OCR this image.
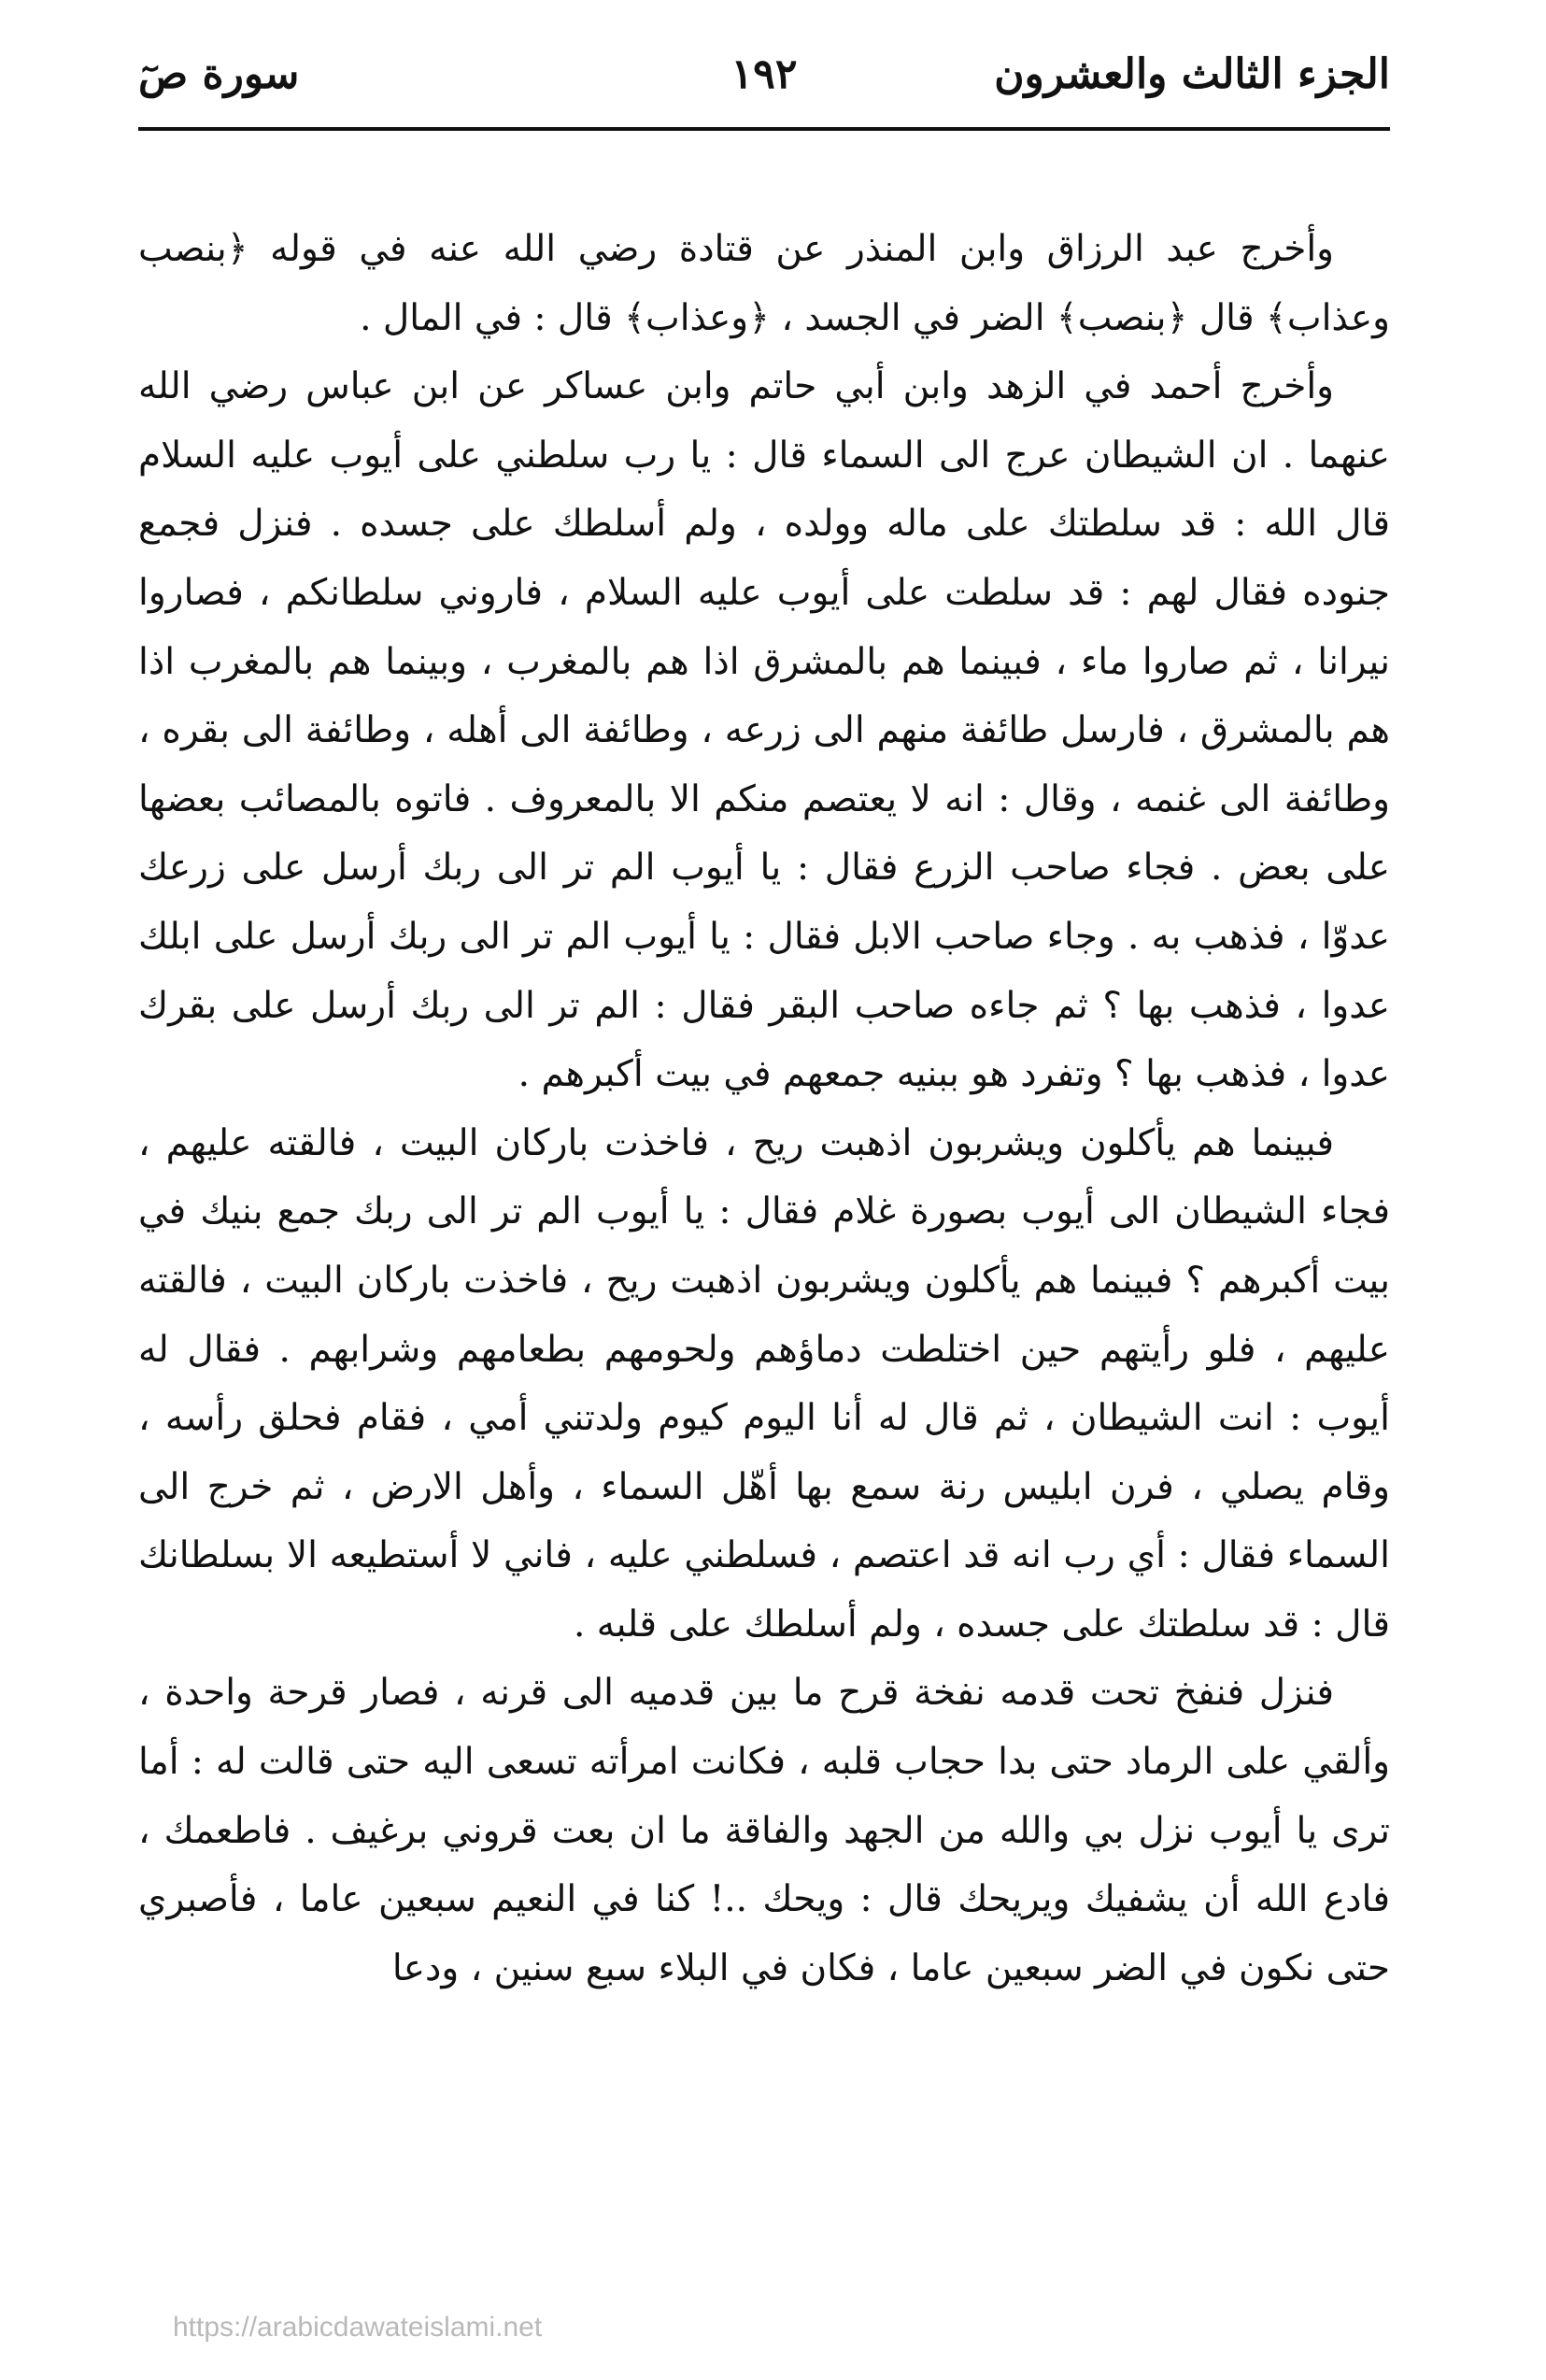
الجزء الثالث والعشرون
١٩٢
سورة صٓ

وأخرج عبد الرزاق وابن المنذر عن قتادة رضي الله عنه في قوله ﴿بنصب وعذاب﴾ قال ﴿بنصب﴾ الضر في الجسد ، ﴿وعذاب﴾ قال : في المال .

وأخرج أحمد في الزهد وابن أبي حاتم وابن عساكر عن ابن عباس رضي الله عنهما . ان الشيطان عرج الى السماء قال : يا رب سلطني على أيوب عليه السلام قال الله : قد سلطتك على ماله وولده ، ولم أسلطك على جسده . فنزل فجمع جنوده فقال لهم : قد سلطت على أيوب عليه السلام ، فاروني سلطانكم ، فصاروا نيرانا ، ثم صاروا ماء ، فبينما هم بالمشرق اذا هم بالمغرب ، وبينما هم بالمغرب اذا هم بالمشرق ، فارسل طائفة منهم الى زرعه ، وطائفة الى أهله ، وطائفة الى بقره ، وطائفة الى غنمه ، وقال : انه لا يعتصم منكم الا بالمعروف . فاتوه بالمصائب بعضها على بعض . فجاء صاحب الزرع فقال : يا أيوب الم تر الى ربك أرسل على زرعك عدوّا ، فذهب به . وجاء صاحب الابل فقال : يا أيوب الم تر الى ربك أرسل على ابلك عدوا ، فذهب بها ؟ ثم جاءه صاحب البقر فقال : الم تر الى ربك أرسل على بقرك عدوا ، فذهب بها ؟ وتفرد هو ببنيه جمعهم في بيت أكبرهم .

فبينما هم يأكلون ويشربون اذهبت ريح ، فاخذت باركان البيت ، فالقته عليهم ، فجاء الشيطان الى أيوب بصورة غلام فقال : يا أيوب الم تر الى ربك جمع بنيك في بيت أكبرهم ؟ فبينما هم يأكلون ويشربون اذهبت ريح ، فاخذت باركان البيت ، فالقته عليهم ، فلو رأيتهم حين اختلطت دماؤهم ولحومهم بطعامهم وشرابهم . فقال له أيوب : انت الشيطان ، ثم قال له أنا اليوم كيوم ولدتني أمي ، فقام فحلق رأسه ، وقام يصلي ، فرن ابليس رنة سمع بها أهّل السماء ، وأهل الارض ، ثم خرج الى السماء فقال : أي رب انه قد اعتصم ، فسلطني عليه ، فاني لا أستطيعه الا بسلطانك قال : قد سلطتك على جسده ، ولم أسلطك على قلبه .

فنزل فنفخ تحت قدمه نفخة قرح ما بين قدميه الى قرنه ، فصار قرحة واحدة ، وألقي على الرماد حتى بدا حجاب قلبه ، فكانت امرأته تسعى اليه حتى قالت له : أما ترى يا أيوب نزل بي والله من الجهد والفاقة ما ان بعت قروني برغيف . فاطعمك ، فادع الله أن يشفيك ويريحك قال : ويحك ..! كنا في النعيم سبعين عاما ، فأصبري حتى نكون في الضر سبعين عاما ، فكان في البلاء سبع سنين ، ودعا

https://arabicdawateislami.net
